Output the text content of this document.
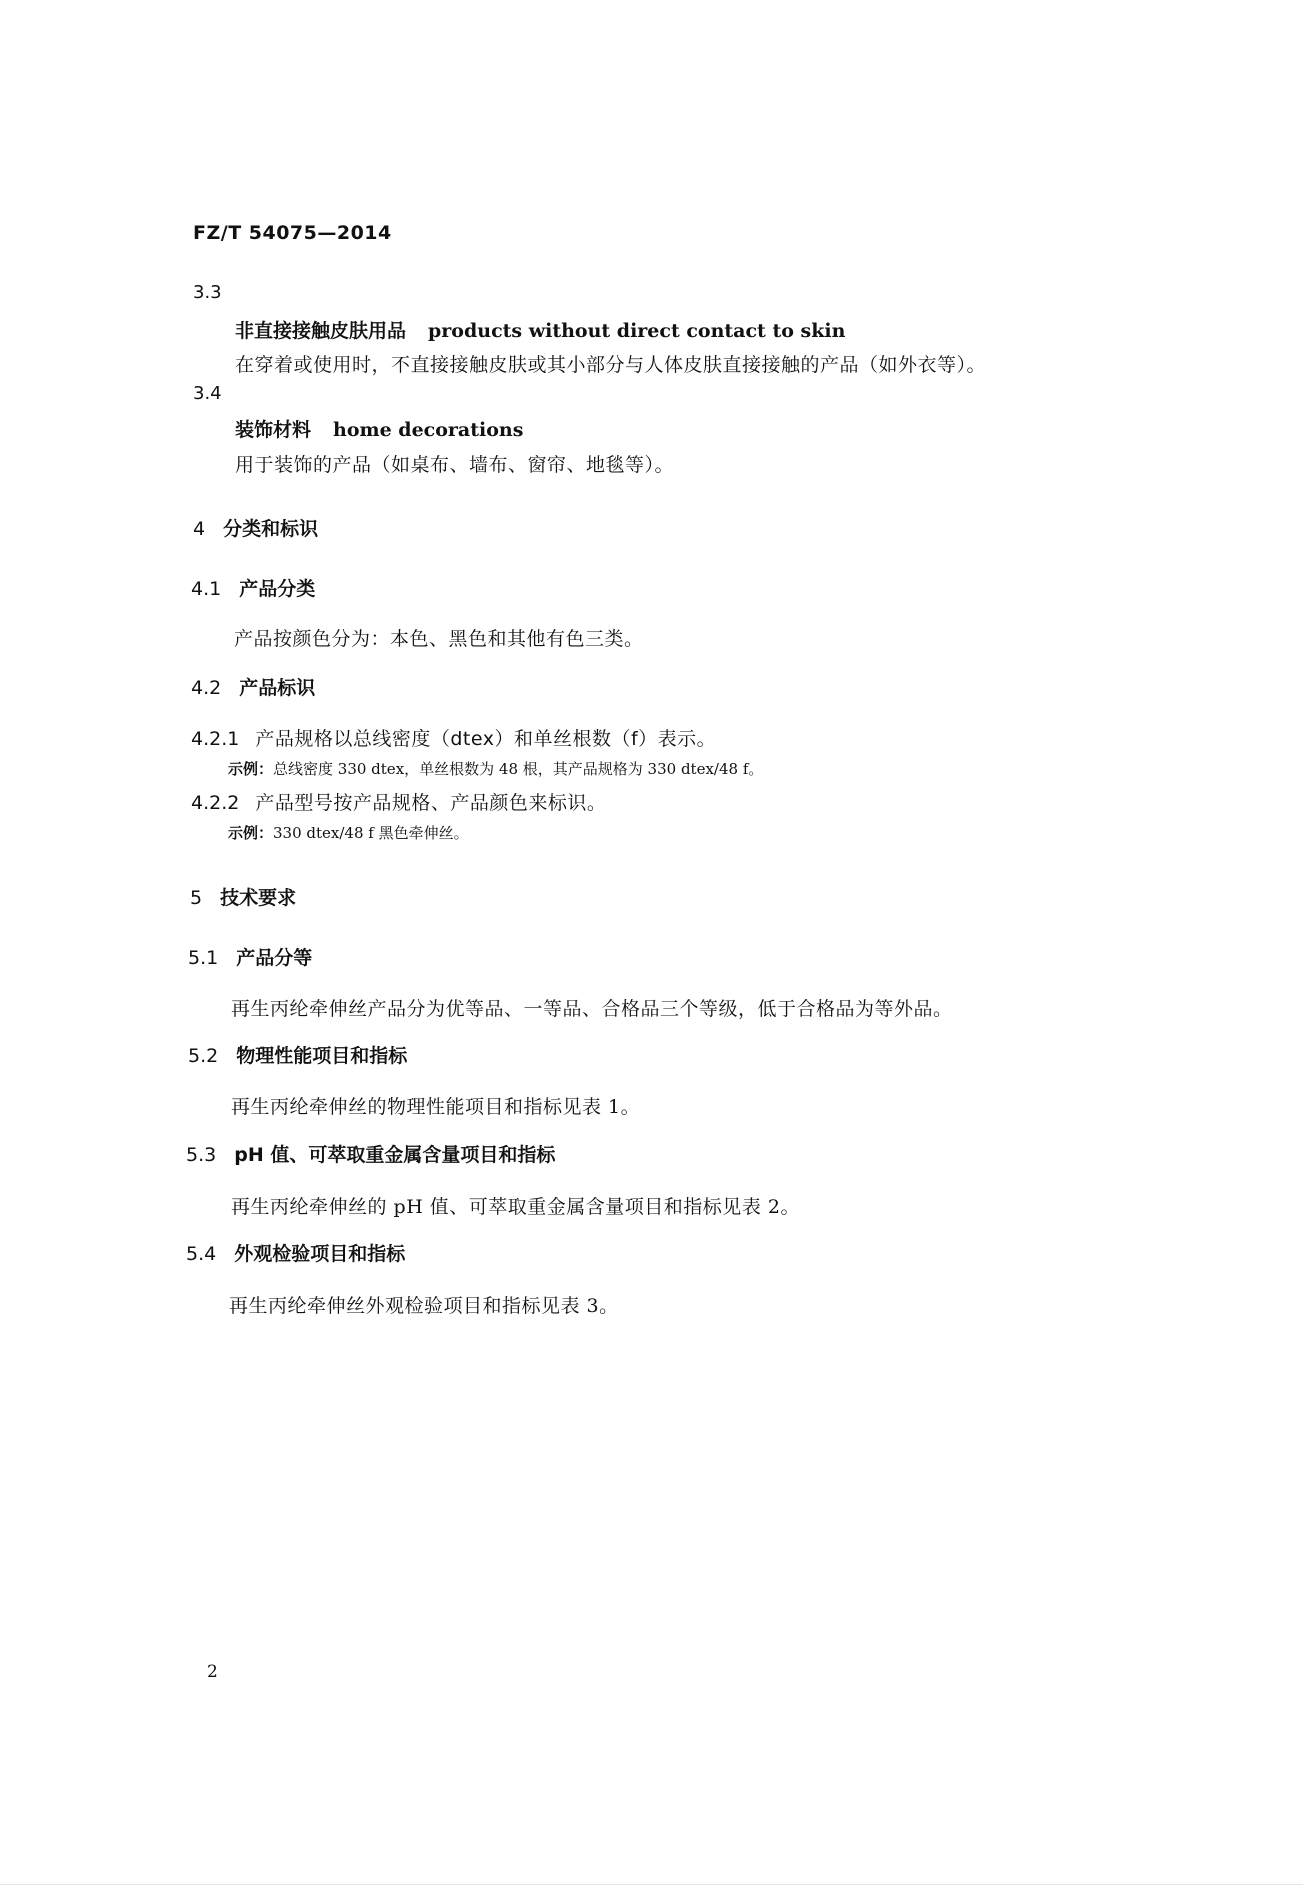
FZ/T 54075—2014
3.3
非直接接触皮肤用品 products without direct contact to skin
在穿着或使用时，不直接接触皮肤或其小部分与人体皮肤直接接触的产品（如外衣等）。
3.4
装饰材料 home decorations
用于装饰的产品（如桌布、墙布、窗帘、地毯等）。
4 分类和标识
4.1 产品分类
产品按颜色分为：本色、黑色和其他有色三类。
4.2 产品标识
4.2.1 产品规格以总线密度（dtex）和单丝根数（f）表示。
示例：总线密度 330 dtex，单丝根数为 48 根，其产品规格为 330 dtex/48 f。
4.2.2 产品型号按产品规格、产品颜色来标识。
示例：330 dtex/48 f 黑色牵伸丝。
5 技术要求
5.1 产品分等
再生丙纶牵伸丝产品分为优等品、一等品、合格品三个等级，低于合格品为等外品。
5.2 物理性能项目和指标
再生丙纶牵伸丝的物理性能项目和指标见表 1。
5.3 pH 值、可萃取重金属含量项目和指标
再生丙纶牵伸丝的 pH 值、可萃取重金属含量项目和指标见表 2。
5.4 外观检验项目和指标
再生丙纶牵伸丝外观检验项目和指标见表 3。
2
